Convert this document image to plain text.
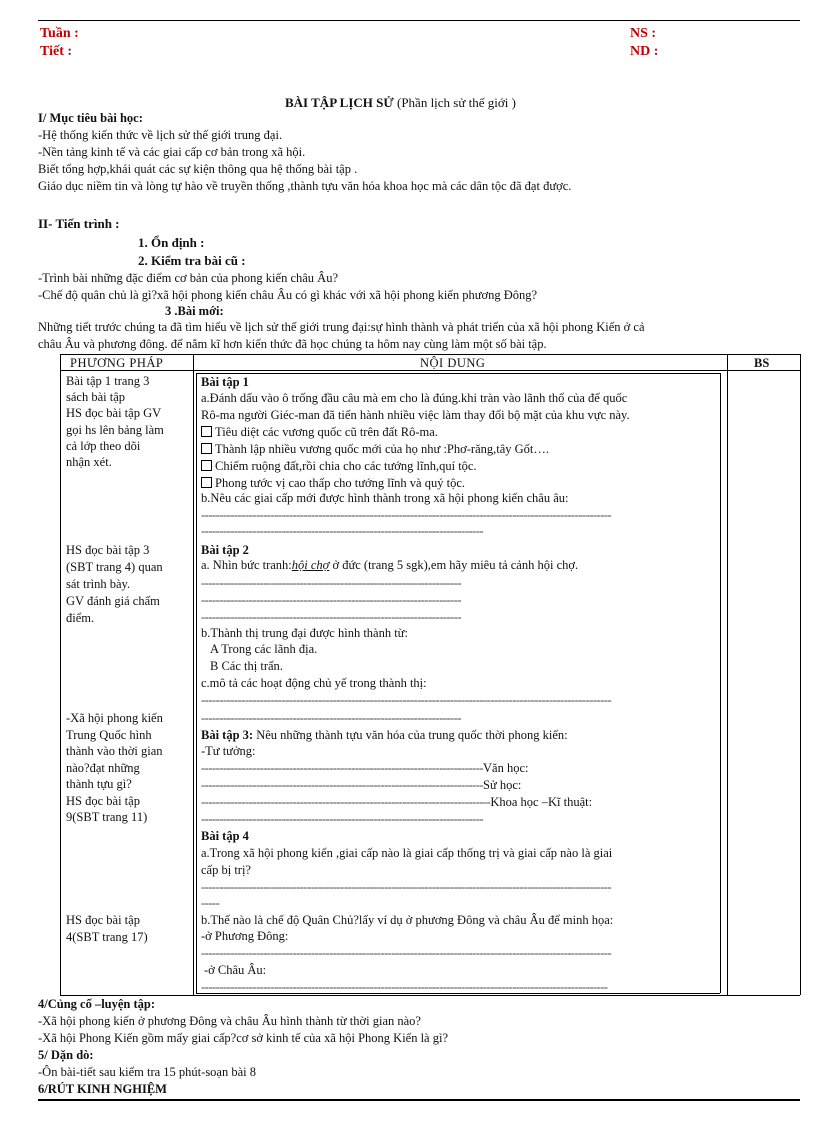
Tuần :
Tiết :
NS :
ND :
BÀI TẬP LỊCH SỬ (Phần lịch sử thế giới )
I/ Mục tiêu bài học:
-Hệ thống kiến thức về lịch sử thế giới trung đại.
-Nền tảng kinh tế và các giai cấp cơ bản trong xã hội.
Biết tổng hợp,khái quát các sự kiện thông qua hệ thống bài tập .
Giáo dục niềm tin và lòng tự hào về truyền thống ,thành tựu văn hóa khoa học mà các dân tộc đã đạt được.
II- Tiến trình :
1. Ổn định :
2. Kiểm tra bài cũ :
-Trình bài những đặc điểm cơ bản của phong kiến châu Âu?
-Chế độ quân chủ là gì?xã hội phong kiến châu Âu có gì khác với xã hội phong kiến phương Đông?
3 .Bài mới:
Những tiết trước chúng ta đã tìm hiểu về lịch sử thế giới trung đại:sự hình thành và phát triển của xã hội phong Kiến ở cả
châu Âu và phương đông. để nắm kĩ hơn kiến thức đã học chúng ta hôm nay cùng làm một số bài tập.
PHƯƠNG PHÁP	NỘI DUNG	BS
Bài tập 1 trang 3
sách bài tập
HS đọc bài tập GV
gọi hs lên bảng làm
cả lớp theo dõi
nhận xét.
HS đọc bài tập 3
(SBT trang 4) quan
sát trình bày.
GV đánh giá chấm
điểm.
-Xã hội phong kiến
Trung Quốc hình
thành vào thời gian
nào?đạt những
thành tựu gì?
HS đọc bài tập
9(SBT trang 11)
HS đọc bài tập
4(SBT trang 17)
Bài tập 1
a.Đánh dấu vào ô trống đầu câu mà em cho là đúng.khi tràn vào lãnh thổ của đế quốc
Rô-ma người Giéc-man đã tiến hành nhiều việc làm thay đổi bộ mặt của khu vực này.
Tiêu diệt các vương quốc cũ trên đất Rô-ma.
Thành lập nhiều vương quốc mới của họ như :Phơ-răng,tây Gốt….
Chiếm ruộng đất,rồi chia cho các tướng lĩnh,quí tộc.
Phong tước vị cao thấp cho tướng lĩnh và quý tộc.
b.Nêu các giai cấp mới được hình thành trong xã hội phong kiến châu âu:
----------------------------------------------------------------------------------------------------------------
-----------------------------------------------------------------------------
Bài tập 2
a. Nhìn bức tranh:hội chợ ở đức (trang 5 sgk),em hãy miêu tả cảnh hội chợ.
-----------------------------------------------------------------------
-----------------------------------------------------------------------
-----------------------------------------------------------------------
b.Thành thị trung đại được hình thành từ:
A Trong các lãnh địa.
B Các thị trấn.
c.mô tả các hoạt động chủ yế trong thành thị:
----------------------------------------------------------------------------------------------------------------
-----------------------------------------------------------------------
Bài tập 3: Nêu những thành tựu văn hóa của trung quốc thời phong kiến:
-Tư tưởng:
-----------------------------------------------------------------------------Văn học:
-----------------------------------------------------------------------------Sử học:
-------------------------------------------------------------------------------Khoa học –Kĩ thuật:
-----------------------------------------------------------------------------
Bài tập 4
a.Trong xã hội phong kiến ,giai cấp nào là giai cấp thống trị và giai cấp nào là giai
cấp bị trị?
----------------------------------------------------------------------------------------------------------------
-----
b.Thế nào là chế độ Quân Chủ?lấy ví dụ ở phương Đông và châu Âu để minh họa:
-ở Phương Đông:
----------------------------------------------------------------------------------------------------------------
-ở Châu Âu:
---------------------------------------------------------------------------------------------------------------
4/Củng cố –luyện tập:
-Xã hội phong kiến ở phương Đông và châu Âu hình thành từ thời gian nào?
-Xã hội Phong Kiến gồm mấy giai cấp?cơ sở kinh tế của xã hội Phong Kiến là gì?
5/ Dặn dò:
-Ôn bài-tiết sau kiểm tra 15 phút-soạn bài 8
6/RÚT KINH NGHIỆM
